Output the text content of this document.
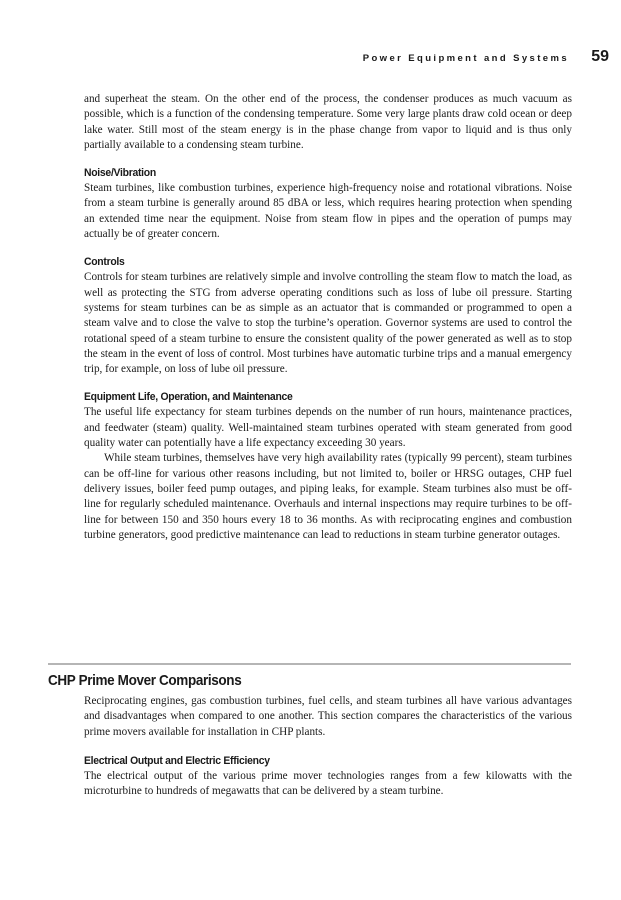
Power Equipment and Systems 59

and superheat the steam. On the other end of the process, the condenser produces as much vacuum as possible, which is a function of the condensing temperature. Some very large plants draw cold ocean or deep lake water. Still most of the steam energy is in the phase change from vapor to liquid and is thus only partially available to a condensing steam turbine.

Noise/Vibration

Steam turbines, like combustion turbines, experience high-frequency noise and rotational vibrations. Noise from a steam turbine is generally around 85 dBA or less, which requires hearing protection when spending an extended time near the equipment. Noise from steam flow in pipes and the operation of pumps may actually be of greater concern.

Controls

Controls for steam turbines are relatively simple and involve controlling the steam flow to match the load, as well as protecting the STG from adverse operating conditions such as loss of lube oil pressure. Starting systems for steam turbines can be as simple as an actuator that is commanded or programmed to open a steam valve and to close the valve to stop the turbine’s operation. Governor systems are used to control the rotational speed of a steam turbine to ensure the consistent quality of the power generated as well as to stop the steam in the event of loss of control. Most turbines have automatic turbine trips and a manual emergency trip, for example, on loss of lube oil pressure.

Equipment Life, Operation, and Maintenance

The useful life expectancy for steam turbines depends on the number of run hours, maintenance practices, and feedwater (steam) quality. Well-maintained steam turbines operated with steam generated from good quality water can potentially have a life expectancy exceeding 30 years.

While steam turbines, themselves have very high availability rates (typically 99 percent), steam turbines can be off-line for various other reasons including, but not limited to, boiler or HRSG outages, CHP fuel delivery issues, boiler feed pump outages, and piping leaks, for example. Steam turbines also must be off-line for regularly scheduled maintenance. Overhauls and internal inspections may require turbines to be off-line for between 150 and 350 hours every 18 to 36 months. As with reciprocating engines and combustion turbine generators, good predictive maintenance can lead to reductions in steam turbine generator outages.

CHP Prime Mover Comparisons

Reciprocating engines, gas combustion turbines, fuel cells, and steam turbines all have various advantages and disadvantages when compared to one another. This section compares the characteristics of the various prime movers available for installation in CHP plants.

Electrical Output and Electric Efficiency

The electrical output of the various prime mover technologies ranges from a few kilowatts with the microturbine to hundreds of megawatts that can be delivered by a steam turbine.
